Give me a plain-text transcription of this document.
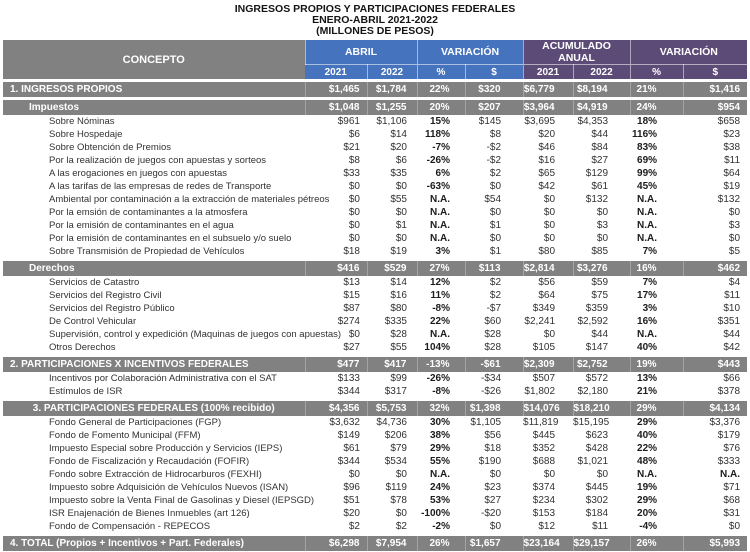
INGRESOS PROPIOS Y PARTICIPACIONES FEDERALES
ENERO-ABRIL 2021-2022
(MILLONES DE PESOS)
CONCEPTO	ABRIL		VARIACIÓN		ACUMULADO ANUAL		VARIACIÓN	
	2021	2022	%	$	2021	2022	%	$
1. INGRESOS PROPIOS	$1,465	$1,784	22%	$320	$6,779	$8,194	21%	$1,416
Impuestos	$1,048	$1,255	20%	$207	$3,964	$4,919	24%	$954
Sobre Nóminas	$961	$1,106	15%	$145	$3,695	$4,353	18%	$658
Sobre Hospedaje	$6	$14	118%	$8	$20	$44	116%	$23
Sobre Obtención de Premios	$21	$20	-7%	-$2	$46	$84	83%	$38
Por la realización de juegos con apuestas y sorteos	$8	$6	-26%	-$2	$16	$27	69%	$11
A las erogaciones en juegos con apuestas	$33	$35	6%	$2	$65	$129	99%	$64
A las tarifas de las empresas de redes de Transporte	$0	$0	-63%	$0	$42	$61	45%	$19
Ambiental por contaminación a la extracción de materiales pétreos	$0	$55	N.A.	$54	$0	$132	N.A.	$132
Por la emsión de contaminantes a la atmosfera	$0	$0	N.A.	$0	$0	$0	N.A.	$0
Por la emisión de contaminantes en el agua	$0	$1	N.A.	$1	$0	$3	N.A.	$3
Por la emisión de contaminantes en el subsuelo y/o suelo	$0	$0	N.A.	$0	$0	$0	N.A.	$0
Sobre Transmisión de Propiedad de Vehículos	$18	$19	3%	$1	$80	$85	7%	$5
Derechos	$416	$529	27%	$113	$2,814	$3,276	16%	$462
Servicios de Catastro	$13	$14	12%	$2	$56	$59	7%	$4
Servicios del Registro Civil	$15	$16	11%	$2	$64	$75	17%	$11
Servicios del Registro Público	$87	$80	-8%	-$7	$349	$359	3%	$10
De Control Vehicular	$274	$335	22%	$60	$2,241	$2,592	16%	$351
Supervisión, control y expedición (Maquinas de juegos con apuestas)	$0	$28	N.A.	$28	$0	$44	N.A.	$44
Otros Derechos	$27	$55	104%	$28	$105	$147	40%	$42
2. PARTICIPACIONES X INCENTIVOS FEDERALES	$477	$417	-13%	-$61	$2,309	$2,752	19%	$443
Incentivos por Colaboración Administrativa con el SAT	$133	$99	-26%	-$34	$507	$572	13%	$66
Estímulos de ISR	$344	$317	-8%	-$26	$1,802	$2,180	21%	$378
3. PARTICIPACIONES FEDERALES (100% recibido)	$4,356	$5,753	32%	$1,398	$14,076	$18,210	29%	$4,134
Fondo General de Participaciones (FGP)	$3,632	$4,736	30%	$1,105	$11,819	$15,195	29%	$3,376
Fondo de Fomento Municipal (FFM)	$149	$206	38%	$56	$445	$623	40%	$179
Impuesto Especial sobre Producción y Servicios (IEPS)	$61	$79	29%	$18	$352	$428	22%	$76
Fondo de Fiscalización y Recaudación (FOFIR)	$344	$534	55%	$190	$688	$1,021	48%	$333
Fondo sobre Extracción de Hidrocarburos (FEXHI)	$0	$0	N.A.	$0	$0	$0	N.A.	N.A.
Impuesto sobre Adquisición de Vehículos Nuevos (ISAN)	$96	$119	24%	$23	$374	$445	19%	$71
Impuesto sobre la Venta Final de Gasolinas y Diesel (IEPSGD)	$51	$78	53%	$27	$234	$302	29%	$68
ISR Enajenación de Bienes Inmuebles (art 126)	$20	$0	-100%	-$20	$153	$184	20%	$31
Fondo de Compensación - REPECOS	$2	$2	-2%	$0	$12	$11	-4%	$0
4. TOTAL (Propios + Incentivos + Part. Federales)	$6,298	$7,954	26%	$1,657	$23,164	$29,157	26%	$5,993
